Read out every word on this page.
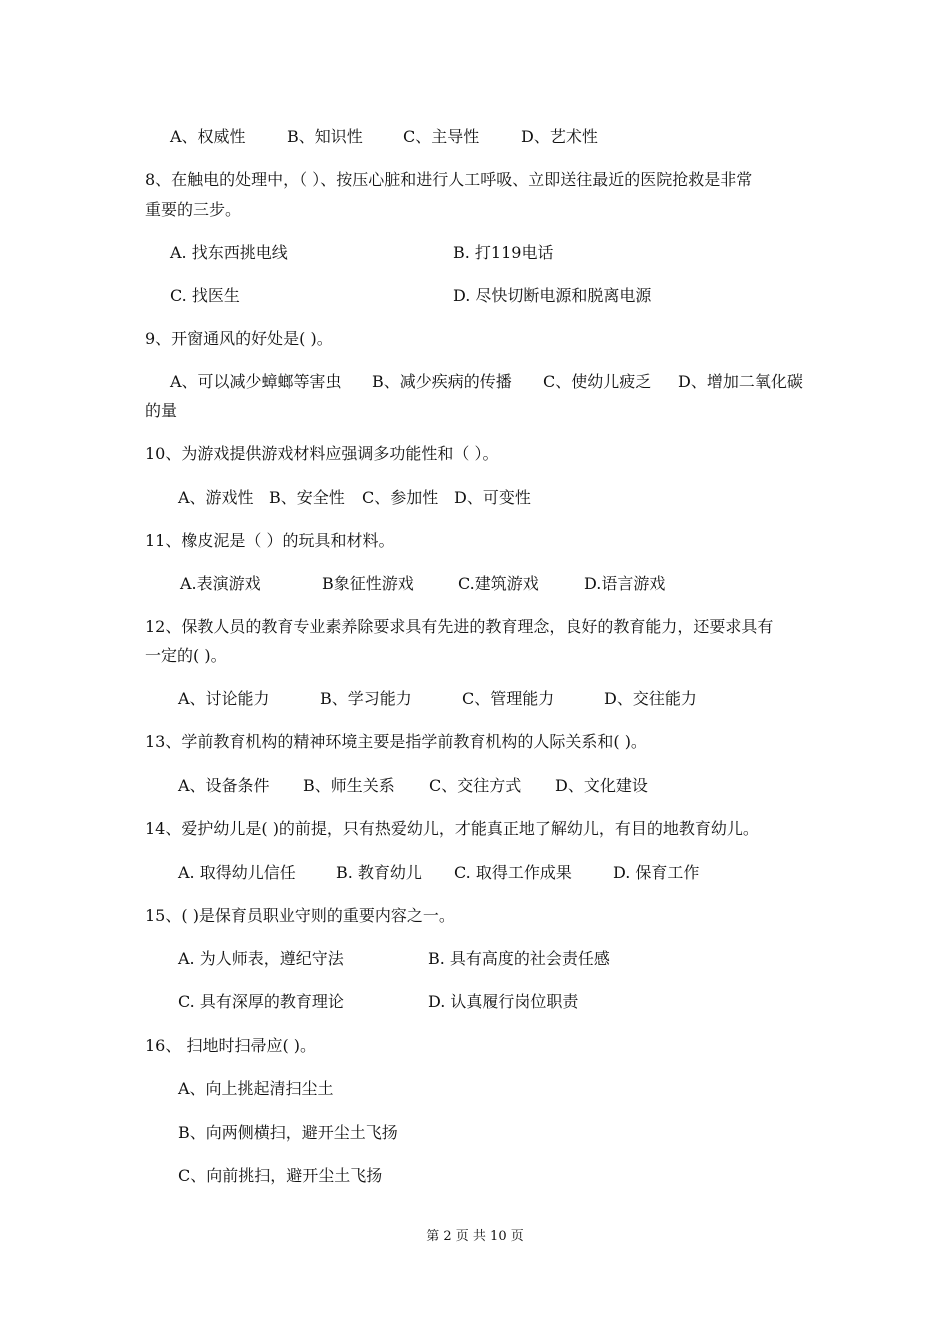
A、权威性	B、知识性	C、主导性	D、艺术性
8、在触电的处理中，（ ）、按压心脏和进行人工呼吸、立即送往最近的医院抢救是非常
重要的三步。
A. 找东西挑电线	B. 打119电话
C. 找医生	D. 尽快切断电源和脱离电源
9、开窗通风的好处是( )。
A、可以减少蟑螂等害虫 B、减少疾病的传播 C、使幼儿疲乏 D、增加二氧化碳
的量
10、为游戏提供游戏材料应强调多功能性和（ ）。
A、游戏性 B、安全性 C、参加性 D、可变性
11、橡皮泥是（ ）的玩具和材料。
A.表演游戏	B象征性游戏	C.建筑游戏	D.语言游戏
12、保教人员的教育专业素养除要求具有先进的教育理念，良好的教育能力，还要求具有
一定的( )。
A、讨论能力	B、学习能力	C、管理能力	D、交往能力
13、学前教育机构的精神环境主要是指学前教育机构的人际关系和( )。
A、设备条件 B、师生关系 C、交往方式 D、文化建设
14、爱护幼儿是( )的前提，只有热爱幼儿，才能真正地了解幼儿，有目的地教育幼儿。
A. 取得幼儿信任	B. 教育幼儿 C. 取得工作成果	D. 保育工作
15、( )是保育员职业守则的重要内容之一。
A. 为人师表，遵纪守法	B. 具有高度的社会责任感
C. 具有深厚的教育理论	D. 认真履行岗位职责
16、 扫地时扫帚应( )。
A、向上挑起清扫尘土
B、向两侧横扫，避开尘土飞扬
C、向前挑扫，避开尘土飞扬
第 2 页 共 10 页
